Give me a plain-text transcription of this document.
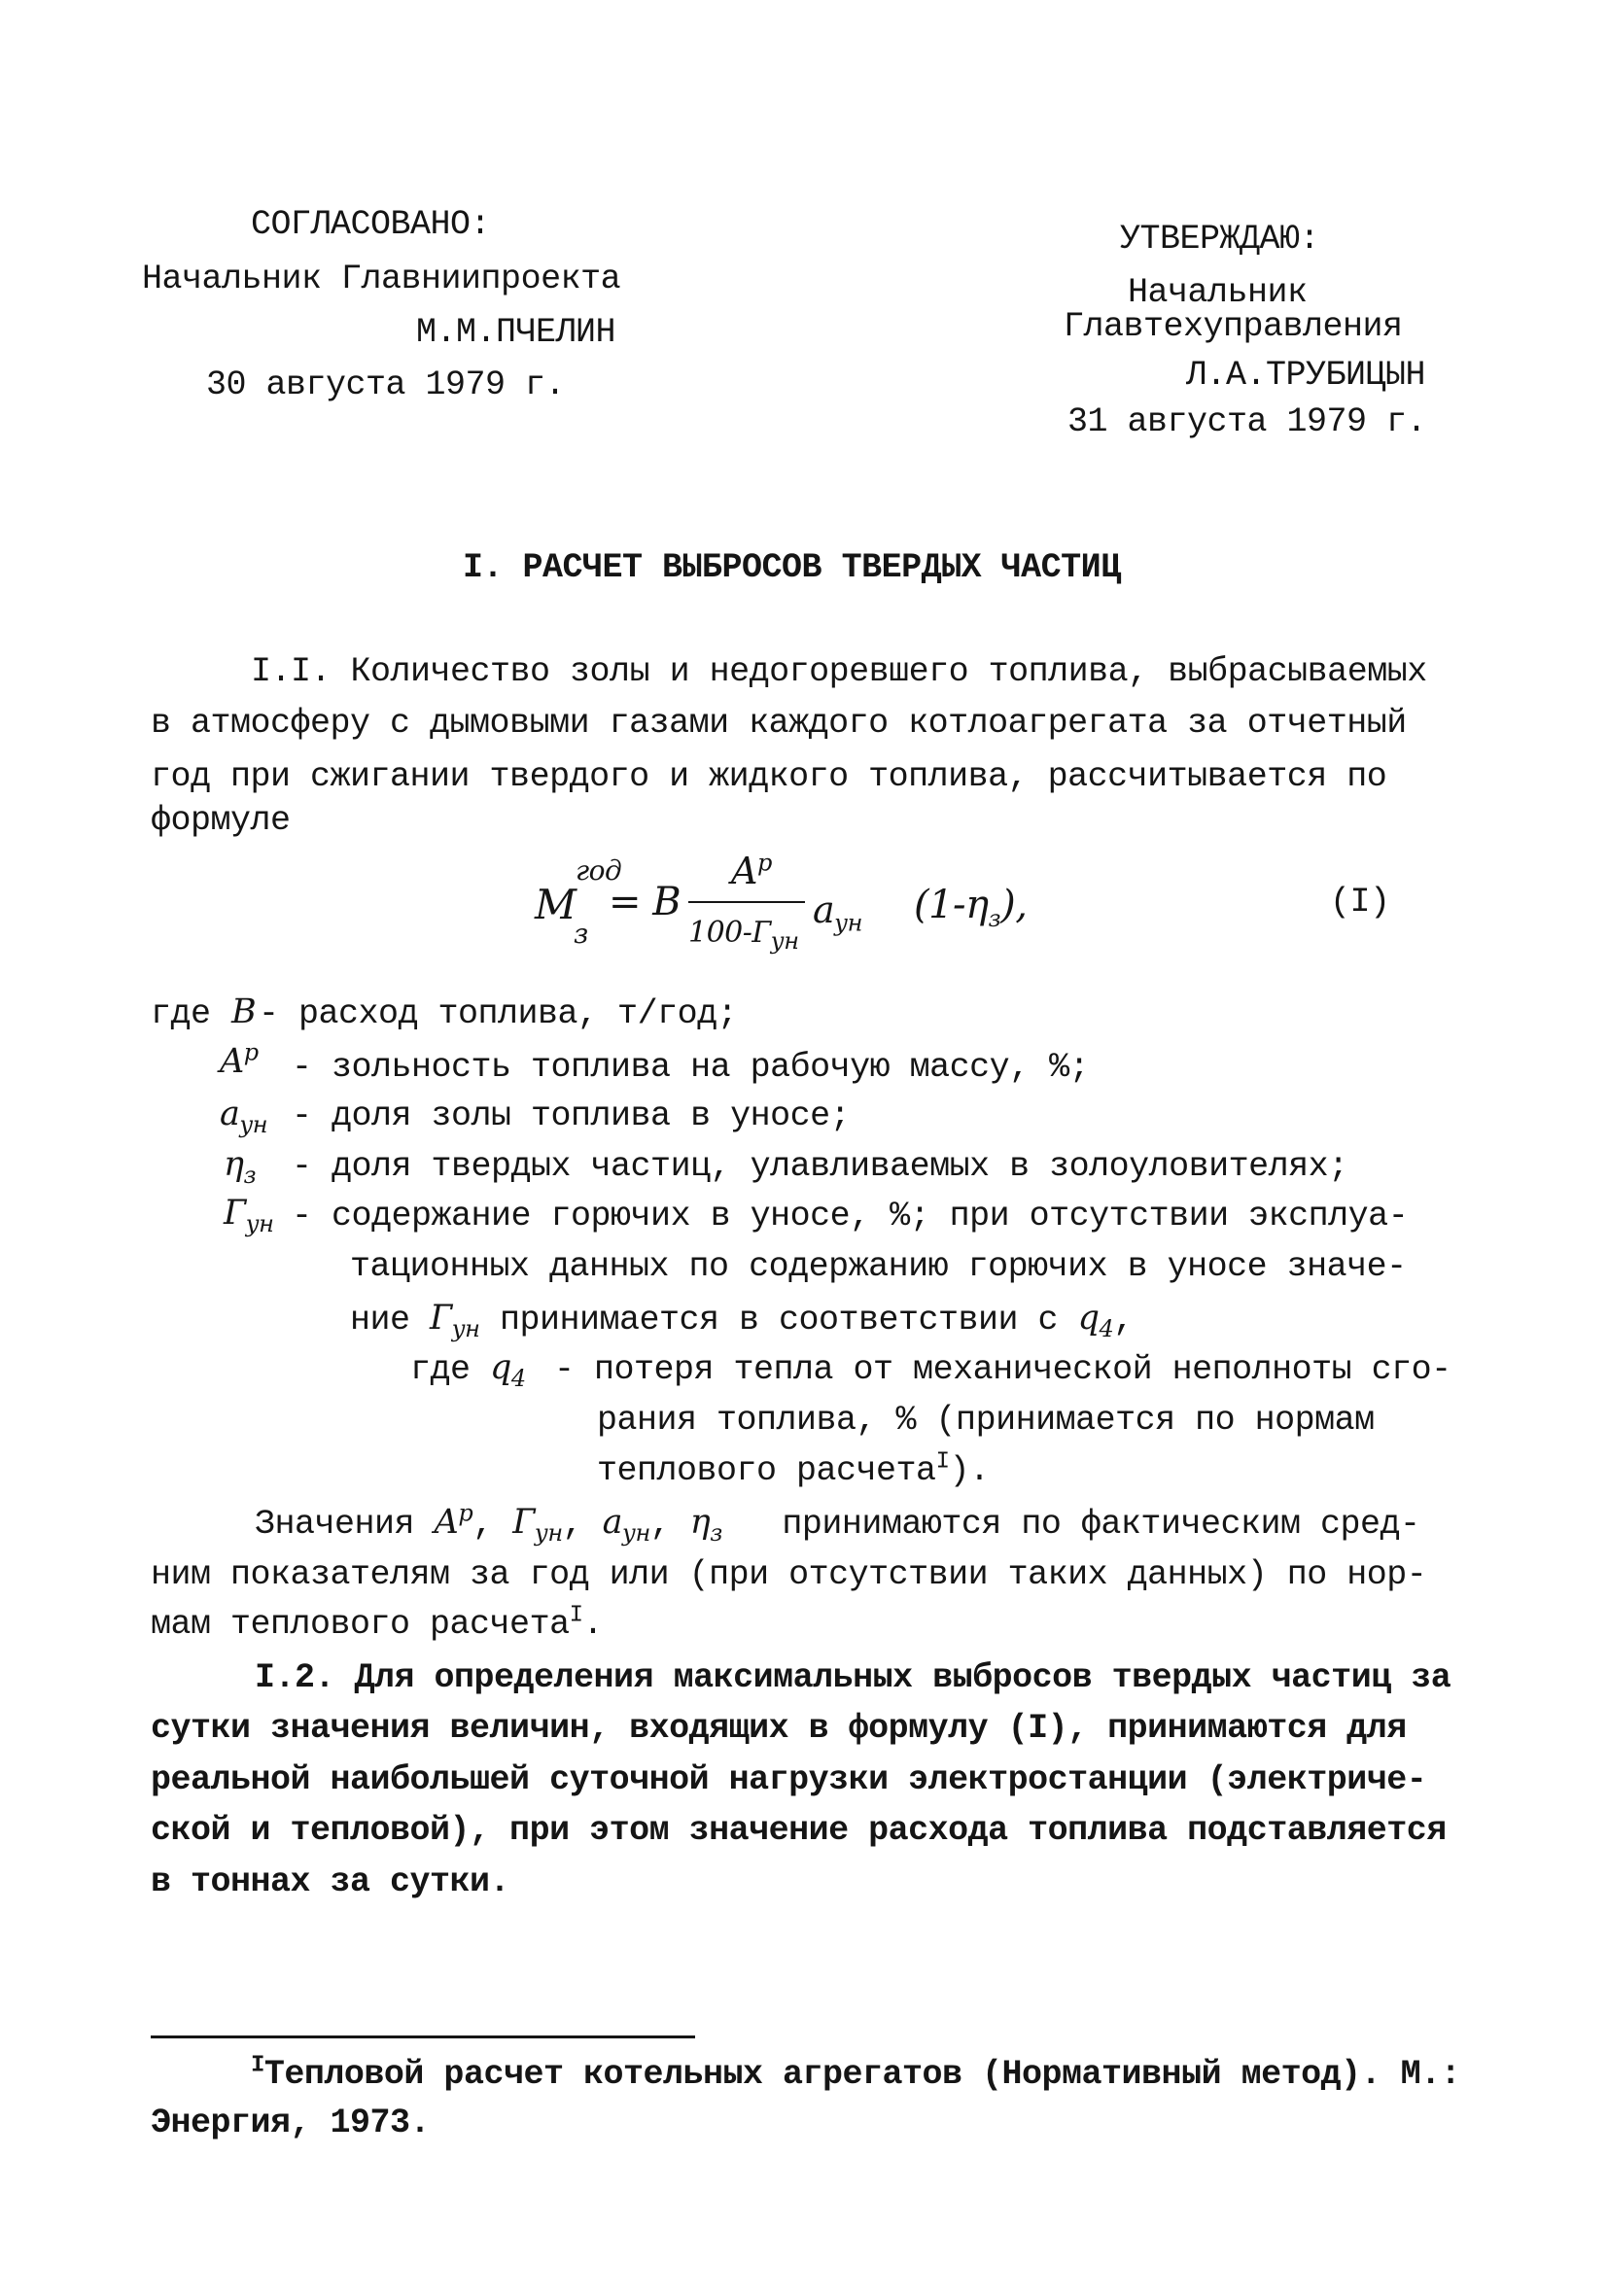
СОГЛАСОВАНО:
Начальник Главниипроекта
М.М.ПЧЕЛИН
30 августа 1979 г.
УТВЕРЖДАЮ:
Начальник
Главтехуправления
Л.А.ТРУБИЦЫН
31 августа 1979 г.
I. РАСЧЕТ ВЫБРОСОВ ТВЕРДЫХ ЧАСТИЦ
I.I. Количество золы и недогоревшего топлива, выбрасываемых
в атмосферу с дымовыми газами каждого котлоагрегата за отчетный
год при сжигании твердого и жидкого топлива, рассчитывается по
формуле
M
год
з
= B
$A^p$
$100-Г_{ун}$
$a_{ун}$ $(1-\eta_з)$,	(I)
где B - расход топлива, т/год;
$A^p$ - зольность топлива на рабочую массу, %;
$a_{ун}$ - доля золы топлива в уносе;
$\eta_з$ - доля твердых частиц, улавливаемых в золоуловителях;
$Г_{ун}$ - содержание горючих в уносе, %; при отсутствии эксплуа-
тационных данных по содержанию горючих в уносе значе-
ние $Г_{ун}$ принимается в соответствии с $q_4$,
где $q_4$ - потеря тепла от механической неполноты сго-
рания топлива, % (принимается по нормам
теплового расчета$^I$).
Значения $A^p$, $Г_{ун}$, $a_{ун}$, $\eta_з$ принимаются по фактическим сред-
ним показателям за год или (при отсутствии таких данных) по нор-
мам теплового расчета$^I$.
I.2. Для определения максимальных выбросов твердых частиц за
сутки значения величин, входящих в формулу (I), принимаются для
реальной наибольшей суточной нагрузки электростанции (электриче-
ской и тепловой), при этом значение расхода топлива подставляется
в тоннах за сутки.
$^I$Тепловой расчет котельных агрегатов (Нормативный метод). М.:
Энергия, 1973.
